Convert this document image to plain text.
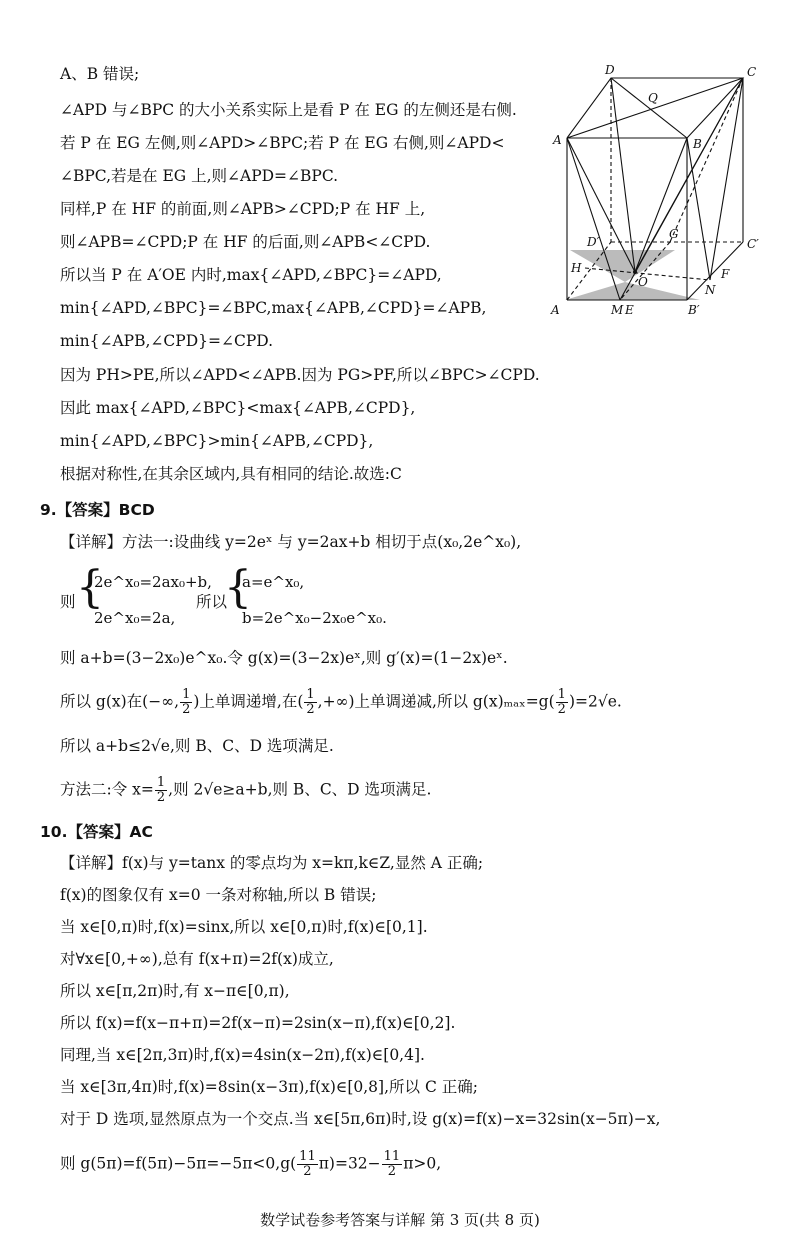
A、B 错误;
∠APD 与∠BPC 的大小关系实际上是看 P 在 EG 的左侧还是右侧.
若 P 在 EG 左侧,则∠APD>∠BPC;若 P 在 EG 右侧,则∠APD<
∠BPC,若是在 EG 上,则∠APD=∠BPC.
同样,P 在 HF 的前面,则∠APB>∠CPD;P 在 HF 上,
则∠APB=∠CPD;P 在 HF 的后面,则∠APB<∠CPD.
所以当 P 在 A′OE 内时,max{∠APD,∠BPC}=∠APD,
min{∠APD,∠BPC}=∠BPC,max{∠APB,∠CPD}=∠APB,
min{∠APB,∠CPD}=∠CPD.
因为 PH>PE,所以∠APD<∠APB.因为 PG>PF,所以∠BPC>∠CPD.
因此 max{∠APD,∠BPC}<max{∠APB,∠CPD},
min{∠APD,∠BPC}>min{∠APB,∠CPD},
根据对称性,在其余区域内,具有相同的结论.故选:C
D	C
Q
A	B
D′
G
C′
H	F
O
N
A	M E	B′
9.【答案】BCD
【详解】方法一:设曲线 y=2eˣ 与 y=2ax+b 相切于点(x₀,2e^x₀),
则 {
2e^x₀=2ax₀+b,
2e^x₀=2a,
所以
{
a=e^x₀,
b=2e^x₀−2x₀e^x₀.
则 a+b=(3−2x₀)e^x₀.令 g(x)=(3−2x)eˣ,则 g′(x)=(1−2x)eˣ.
所以 g(x)在(−∞, $\frac{1}{2}$ )上单调递增,在( $\frac{1}{2}$ ,+∞)上单调递减,所以 $g(x)_{max}=g( \frac{1}{2} )=2√e$.
所以 a+b≤2√e,则 B、C、D 选项满足.
方法二:令 $x= \frac{1}{2}$ ,则 2√e≥a+b,则 B、C、D 选项满足.
10.【答案】AC
【详解】f(x)与 y=tanx 的零点均为 x=kπ,k∈Z,显然 A 正确;
f(x)的图象仅有 x=0 一条对称轴,所以 B 错误;
当 x∈[0,π)时,f(x)=sinx,所以 x∈[0,π)时,f(x)∈[0,1].
对∀x∈[0,+∞),总有 f(x+π)=2f(x)成立,
所以 x∈[π,2π)时,有 x−π∈[0,π),
所以 f(x)=f(x−π+π)=2f(x−π)=2sin(x−π),f(x)∈[0,2].
同理,当 x∈[2π,3π)时,f(x)=4sin(x−2π),f(x)∈[0,4].
当 x∈[3π,4π)时,f(x)=8sin(x−3π),f(x)∈[0,8],所以 C 正确;
对于 D 选项,显然原点为一个交点.当 x∈[5π,6π)时,设 g(x)=f(x)−x=32sin(x−5π)−x,
则 $g(5\pi)=f(5\pi)-5\pi=-5\pi<0,g( \frac{11}{2} \pi)=32- \frac{11}{2} \pi>0$,
数学试卷参考答案与详解 第 3 页(共 8 页)
